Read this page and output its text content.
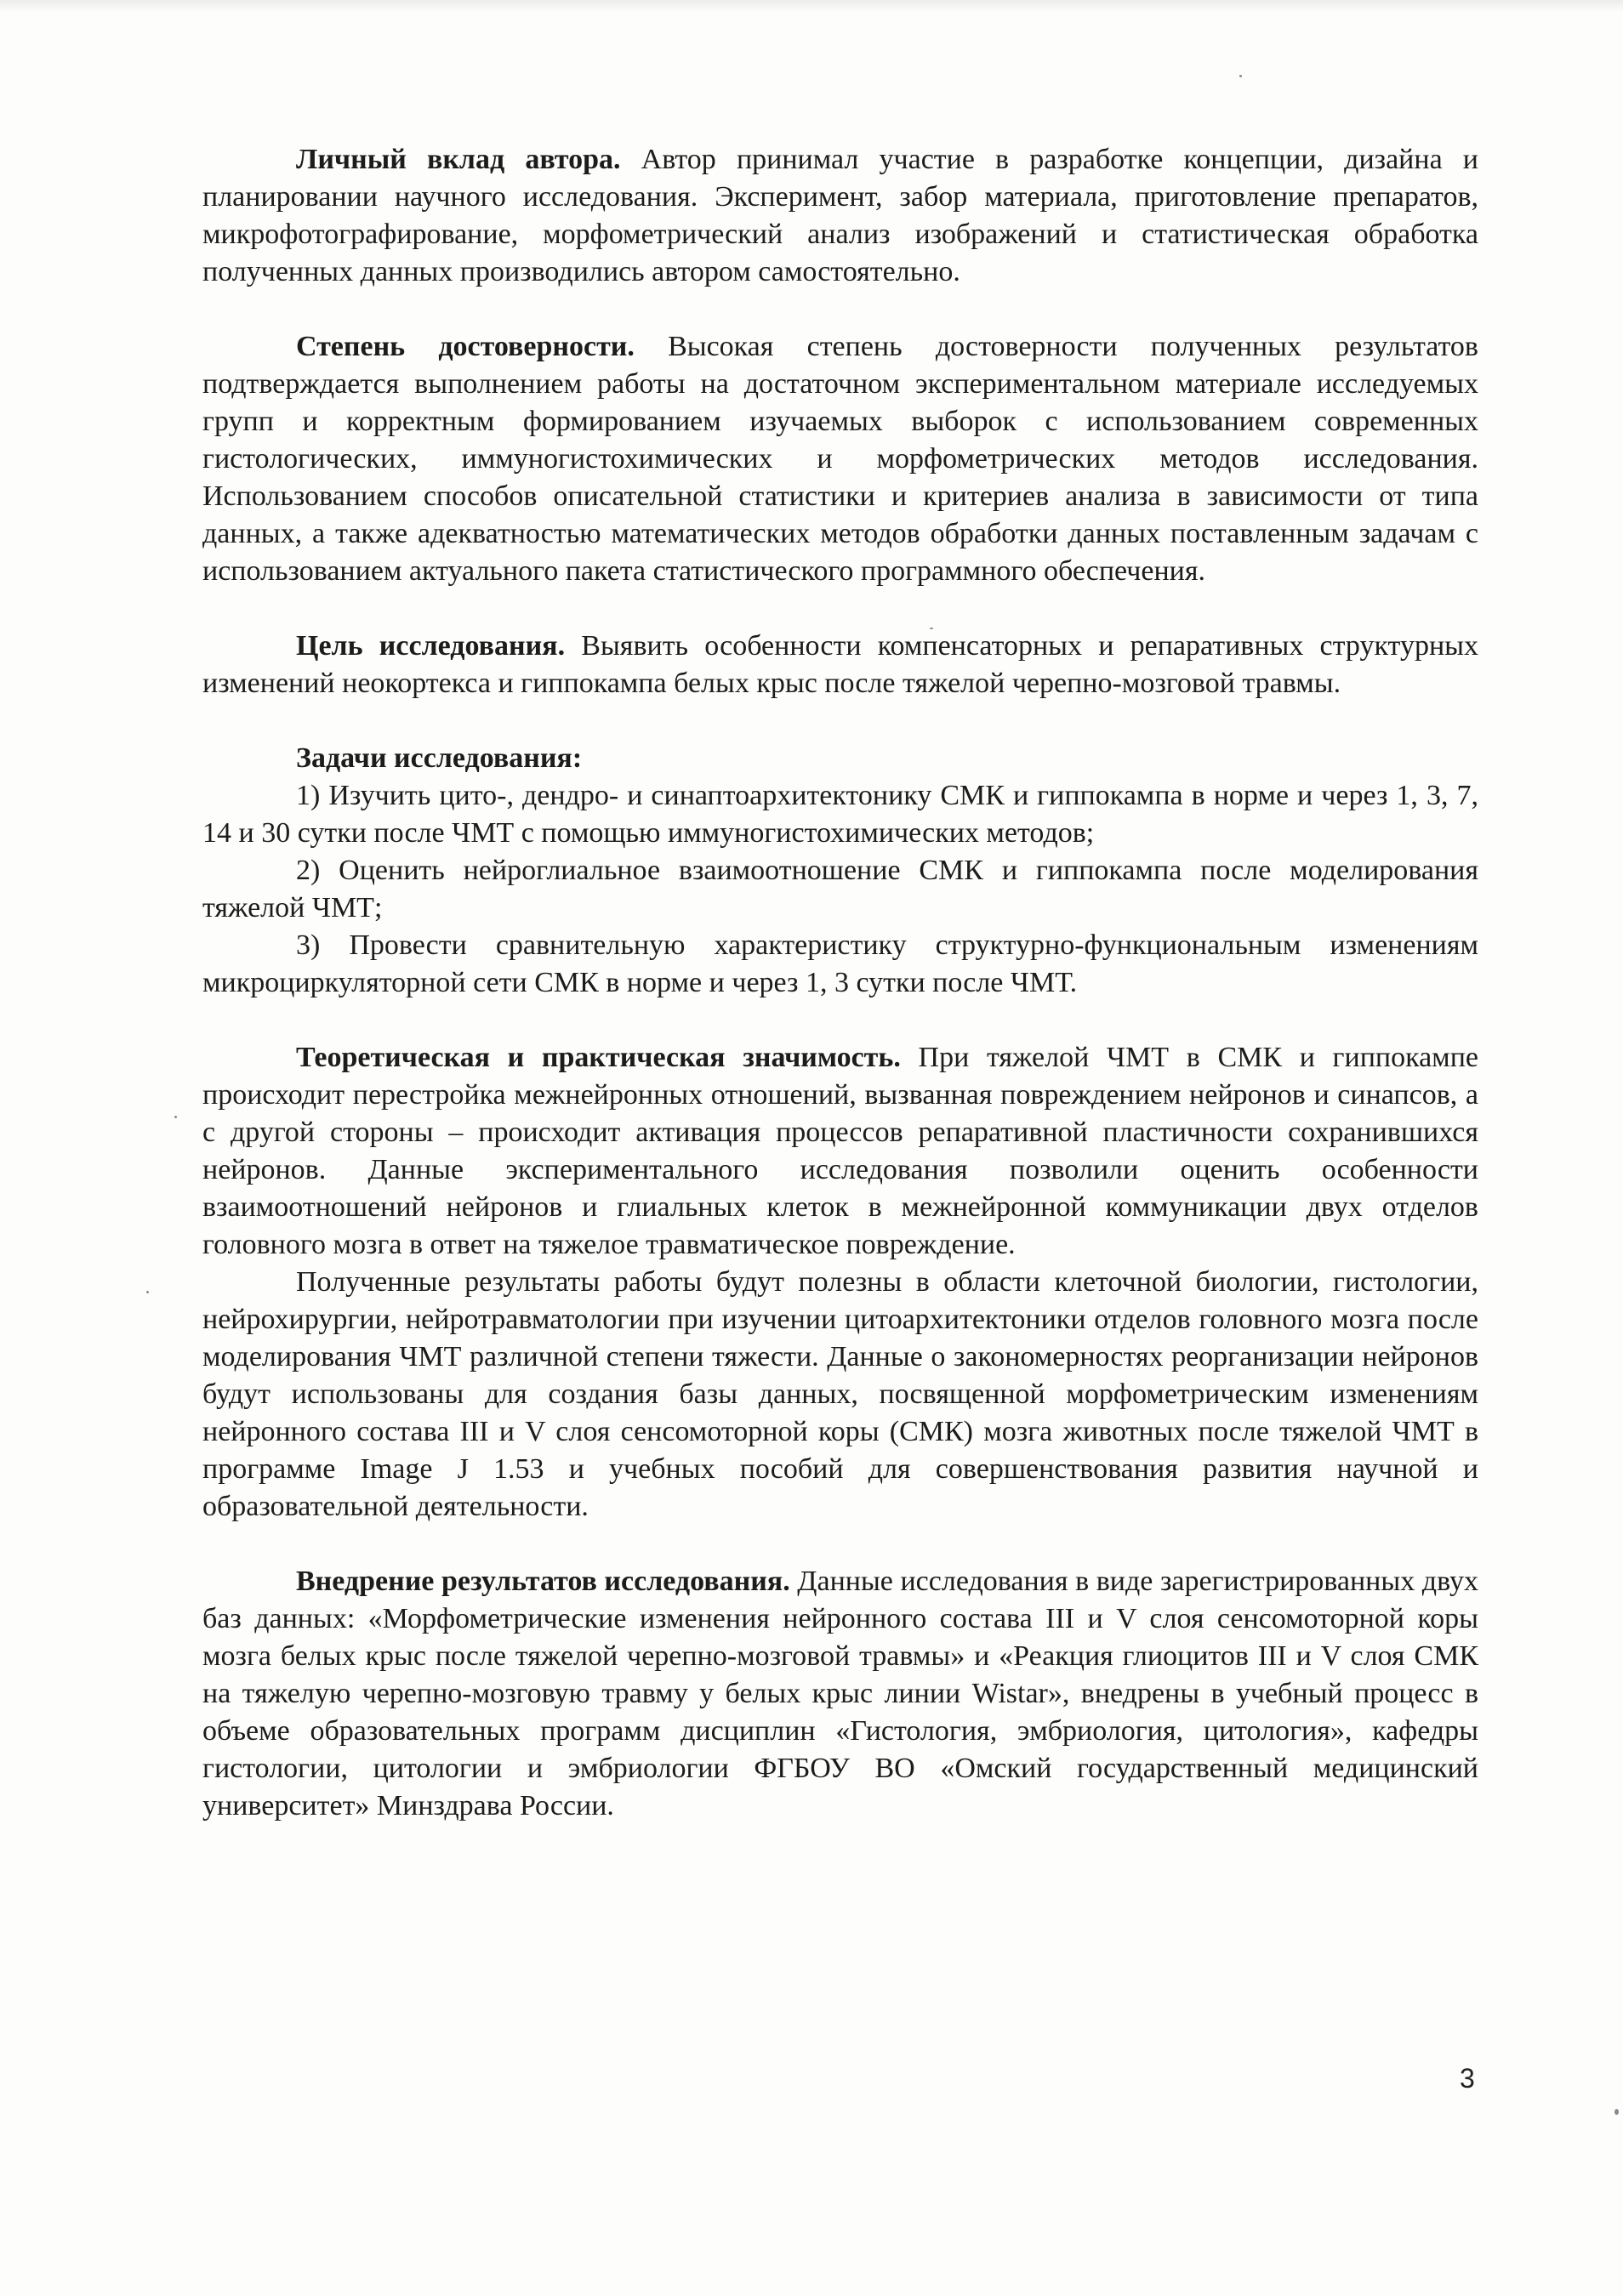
Личный вклад автора. Автор принимал участие в разработке концепции, дизайна и планировании научного исследования. Эксперимент, забор материала, приготовление препаратов, микрофотографирование, морфометрический анализ изображений и статистическая обработка полученных данных производились автором самостоятельно.

Степень достоверности. Высокая степень достоверности полученных результатов подтверждается выполнением работы на достаточном экспериментальном материале исследуемых групп и корректным формированием изучаемых выборок с использованием современных гистологических, иммуногистохимических и морфометрических методов исследования. Использованием способов описательной статистики и критериев анализа в зависимости от типа данных, а также адекватностью математических методов обработки данных поставленным задачам с использованием актуального пакета статистического программного обеспечения.

Цель исследования. Выявить особенности компенсаторных и репаративных структурных изменений неокортекса и гиппокампа белых крыс после тяжелой черепно-мозговой травмы.

Задачи исследования:

1) Изучить цито-, дендро- и синаптоархитектонику СМК и гиппокампа в норме и через 1, 3, 7, 14 и 30 сутки после ЧМТ с помощью иммуногистохимических методов;

2) Оценить нейроглиальное взаимоотношение СМК и гиппокампа после моделирования тяжелой ЧМТ;

3) Провести сравнительную характеристику структурно-функциональным изменениям микроциркуляторной сети СМК в норме и через 1, 3 сутки после ЧМТ.

Теоретическая и практическая значимость. При тяжелой ЧМТ в СМК и гиппокампе происходит перестройка межнейронных отношений, вызванная повреждением нейронов и синапсов, а с другой стороны – происходит активация процессов репаративной пластичности сохранившихся нейронов. Данные экспериментального исследования позволили оценить особенности взаимоотношений нейронов и глиальных клеток в межнейронной коммуникации двух отделов головного мозга в ответ на тяжелое травматическое повреждение.

Полученные результаты работы будут полезны в области клеточной биологии, гистологии, нейрохирургии, нейротравматологии при изучении цитоархитектоники отделов головного мозга после моделирования ЧМТ различной степени тяжести. Данные о закономерностях реорганизации нейронов будут использованы для создания базы данных, посвященной морфометрическим изменениям нейронного состава III и V слоя сенсомоторной коры (СМК) мозга животных после тяжелой ЧМТ в программе Image J 1.53 и учебных пособий для совершенствования развития научной и образовательной деятельности.

Внедрение результатов исследования. Данные исследования в виде зарегистрированных двух баз данных: «Морфометрические изменения нейронного состава III и V слоя сенсомоторной коры мозга белых крыс после тяжелой черепно-мозговой травмы» и «Реакция глиоцитов III и V слоя СМК на тяжелую черепно-мозговую травму у белых крыс линии Wistar», внедрены в учебный процесс в объеме образовательных программ дисциплин «Гистология, эмбриология, цитология», кафедры гистологии, цитологии и эмбриологии ФГБОУ ВО «Омский государственный медицинский университет» Минздрава России.

3
